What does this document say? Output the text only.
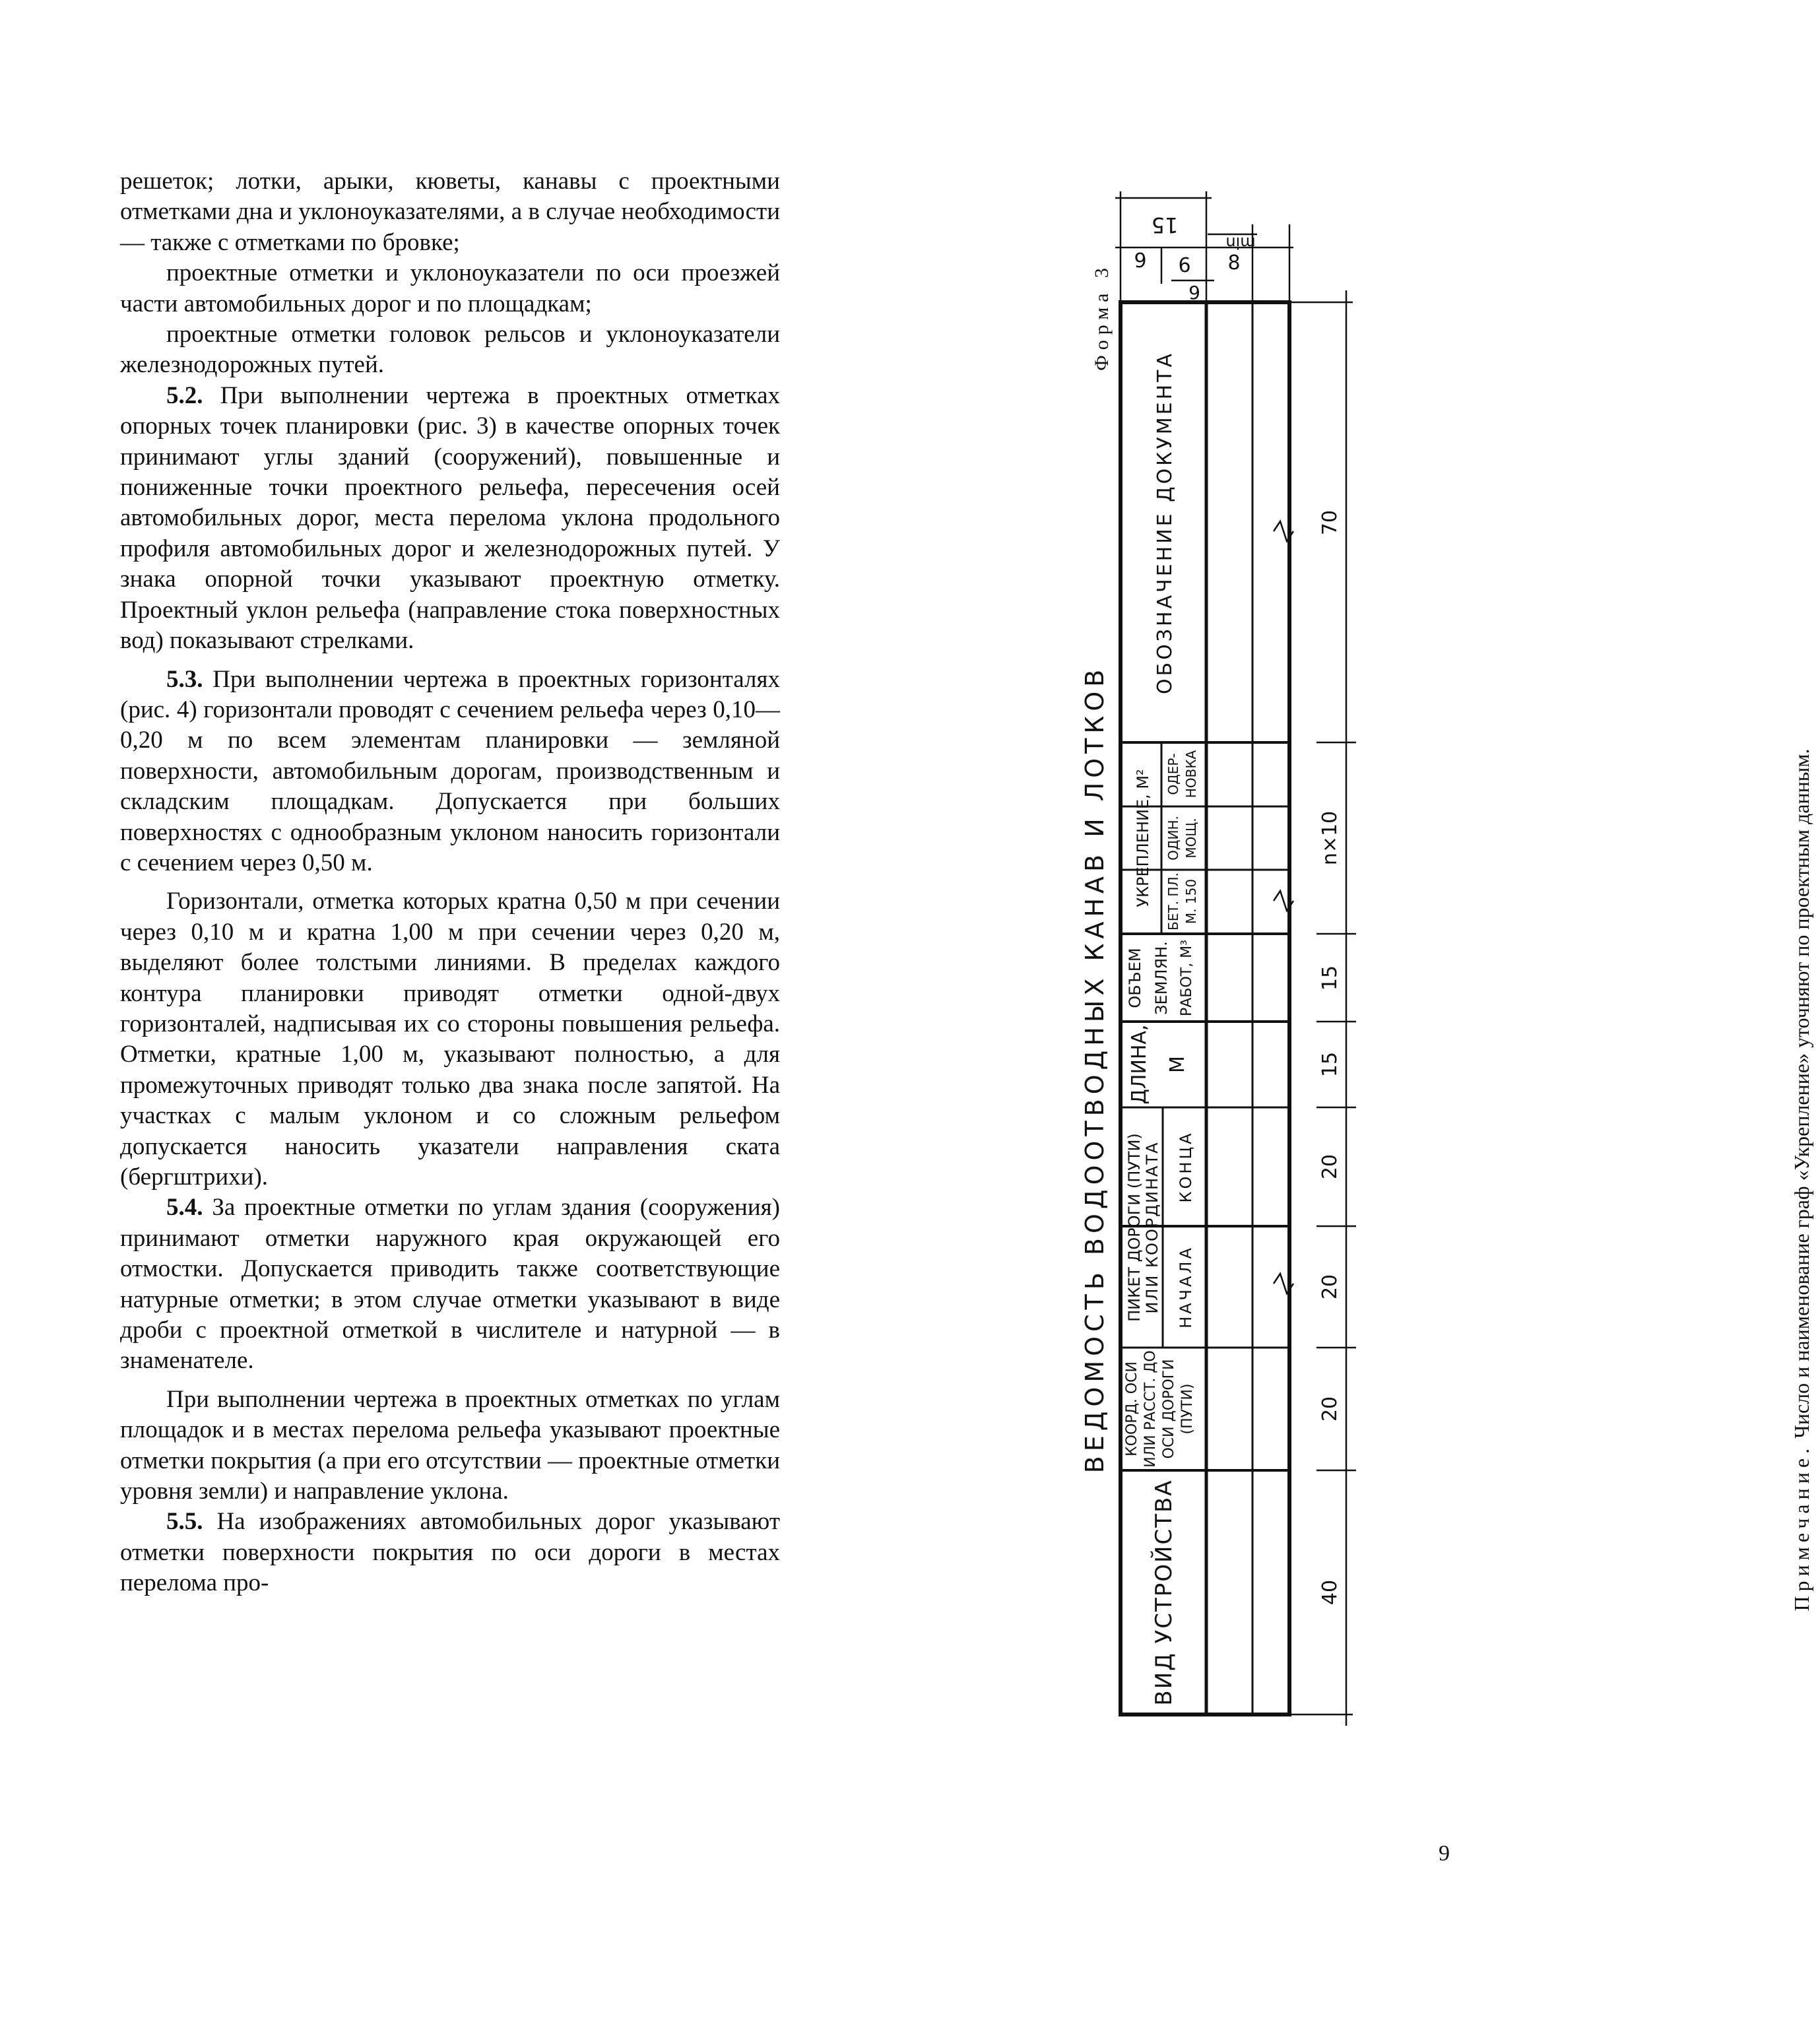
решеток; лотки, арыки, кюветы, канавы с проектными отметками дна и уклоноуказателями, а в случае необходимости — также с отметками по бровке;

проектные отметки и уклоноуказатели по оси проезжей части автомобильных дорог и по площадкам;

проектные отметки головок рельсов и уклоноуказатели железнодорожных путей.

5.2. При выполнении чертежа в проектных отметках опорных точек планировки (рис. 3) в качестве опорных точек принимают углы зданий (сооружений), повышенные и пониженные точки проектного рельефа, пересечения осей автомобильных дорог, места перелома уклона продольного профиля автомобильных дорог и железнодорожных путей. У знака опорной точки указывают проектную отметку. Проектный уклон рельефа (направление стока поверхностных вод) показывают стрелками.

5.3. При выполнении чертежа в проектных горизонталях (рис. 4) горизонтали проводят с сечением рельефа через 0,10—0,20 м по всем элементам планировки — земляной поверхности, автомобильным дорогам, производственным и складским площадкам. Допускается при больших поверхностях с однообразным уклоном наносить горизонтали с сечением через 0,50 м.

Горизонтали, отметка которых кратна 0,50 м при сечении через 0,10 м и кратна 1,00 м при сечении через 0,20 м, выделяют более толстыми линиями. В пределах каждого контура планировки приводят отметки одной-двух горизонталей, надписывая их со стороны повышения рельефа. Отметки, кратные 1,00 м, указывают полностью, а для промежуточных приводят только два знака после запятой. На участках с малым уклоном и со сложным рельефом допускается наносить указатели направления ската (бергштрихи).

5.4. За проектные отметки по углам здания (сооружения) принимают отметки наружного края окружающей его отмостки. Допускается приводить также соответствующие натурные отметки; в этом случае отметки указывают в виде дроби с проектной отметкой в числителе и натурной — в знаменателе.

При выполнении чертежа в проектных отметках по углам площадок и в местах перелома рельефа указывают проектные отметки покрытия (а при его отсутствии — проектные отметки уровня земли) и направление уклона.

5.5. На изображениях автомобильных дорог указывают отметки поверхности покрытия по оси дороги в местах перелома про-

Форма 3
ВЕДОМОСТЬ ВОДООТВОДНЫХ КАНАВ И ЛОТКОВ
ВИД УСТРОЙСТВА
КООРД. ОСИ ИЛИ РАССТ. ДО ОСИ ДОРОГИ (ПУТИ)
ПИКЕТ ДОРОГИ (ПУТИ) ИЛИ КООРДИНАТА НАЧАЛА
КОНЦА
ДЛИНА, М
ОБЪЕМ ЗЕМЛЯН. РАБОТ, М³
УКРЕПЛЕНИЕ, М² БЕТ. ПЛ. М. 150
ОДИН. МОЩ.
ОДЕР- НОВКА
ОБОЗНАЧЕНИЕ ДОКУМЕНТА
40
20
20
20
15
15
n×10
70
15
9 6 8
9
min
Примечание. Число и наименование граф «Укрепление» уточняют по проектным данным.
9
